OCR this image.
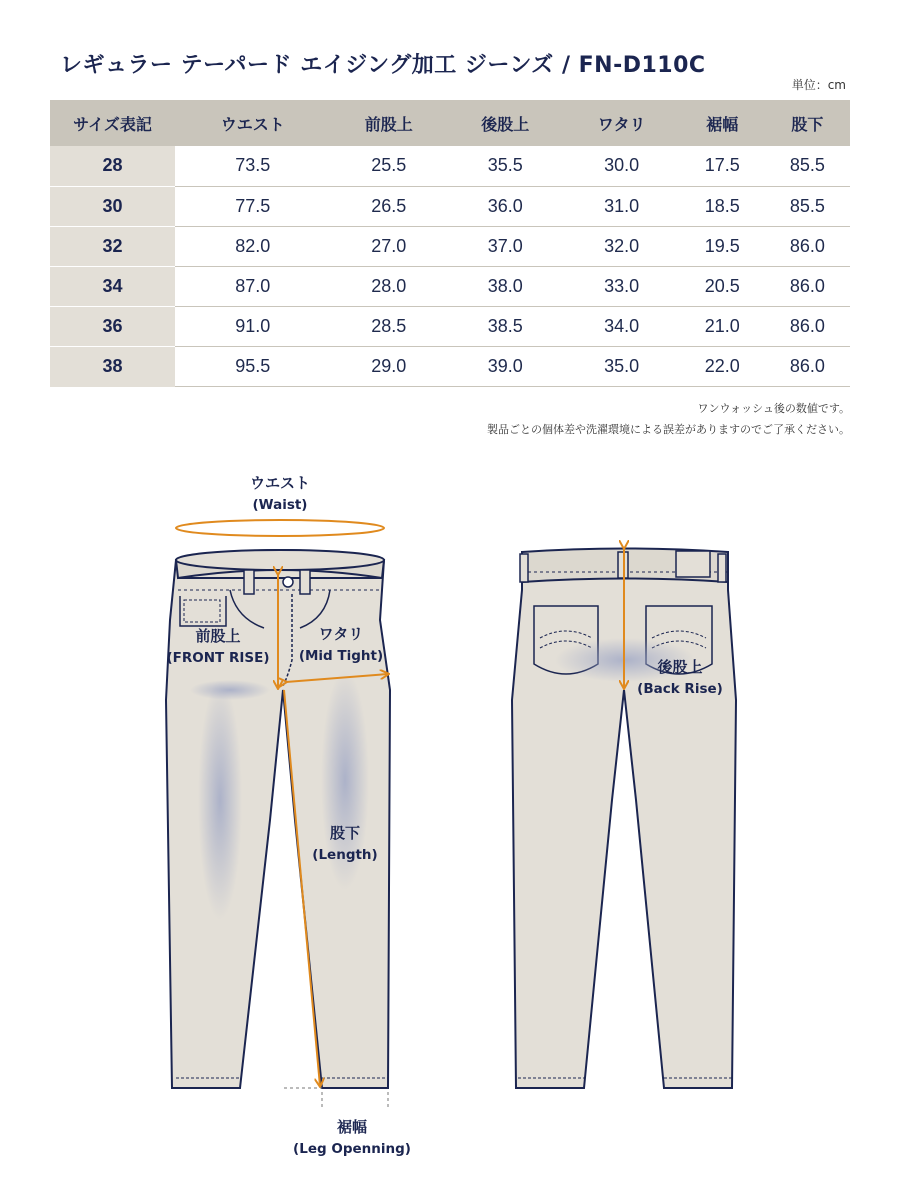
レギュラー テーパード エイジング加工 ジーンズ / FN-D110C
単位：cm
サイズ表記	ウエスト	前股上	後股上	ワタリ	裾幅	股下
28	73.5	25.5	35.5	30.0	17.5	85.5
30	77.5	26.5	36.0	31.0	18.5	85.5
32	82.0	27.0	37.0	32.0	19.5	86.0
34	87.0	28.0	38.0	33.0	20.5	86.0
36	91.0	28.5	38.5	34.0	21.0	86.0
38	95.5	29.0	39.0	35.0	22.0	86.0
ワンウォッシュ後の数値です。
製品ごとの個体差や洗濯環境による誤差がありますのでご了承ください。
ウエスト
(Waist)
前股上
(FRONT RISE)
ワタリ
(Mid Tight)
股下
(Length)
裾幅
(Leg Openning)
後股上
(Back Rise)
